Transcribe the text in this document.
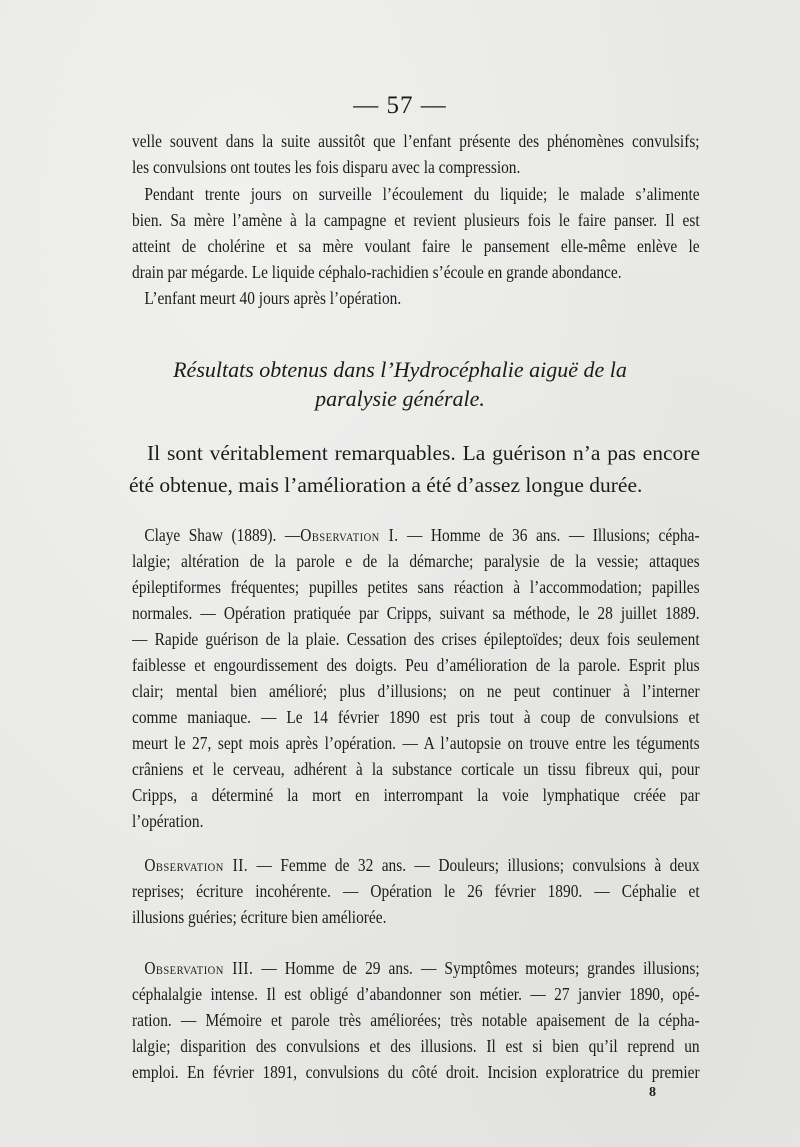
— 57 —
velle souvent dans la suite aussitôt que l’enfant présente des phénomènes convulsifs;
les convulsions ont toutes les fois disparu avec la compression.
Pendant trente jours on surveille l’écoulement du liquide; le malade s’alimente
bien. Sa mère l’amène à la campagne et revient plusieurs fois le faire panser. Il est
atteint de cholérine et sa mère voulant faire le pansement elle-même enlève le
drain par mégarde. Le liquide céphalo-rachidien s’écoule en grande abondance.
L’enfant meurt 40 jours après l’opération.
Résultats obtenus dans l’Hydrocéphalie aiguë de la
paralysie générale.
Il sont véritablement remarquables. La guérison n’a pas encore
été obtenue, mais l’amélioration a été d’assez longue durée.
Claye Shaw (1889). —Observation I. — Homme de 36 ans. — Illusions; cépha-
lalgie; altération de la parole e de la démarche; paralysie de la vessie; attaques
épileptiformes fréquentes; pupilles petites sans réaction à l’accommodation; papilles
normales. — Opération pratiquée par Cripps, suivant sa méthode, le 28 juillet 1889.
— Rapide guérison de la plaie. Cessation des crises épileptoïdes; deux fois seulement
faiblesse et engourdissement des doigts. Peu d’amélioration de la parole. Esprit plus
clair; mental bien amélioré; plus d’illusions; on ne peut continuer à l’interner
comme maniaque. — Le 14 février 1890 est pris tout à coup de convulsions et
meurt le 27, sept mois après l’opération. — A l’autopsie on trouve entre les téguments
crâniens et le cerveau, adhérent à la substance corticale un tissu fibreux qui, pour
Cripps, a déterminé la mort en interrompant la voie lymphatique créée par
l’opération.
Observation II. — Femme de 32 ans. — Douleurs; illusions; convulsions à deux
reprises; écriture incohérente. — Opération le 26 février 1890. — Céphalie et
illusions guéries; écriture bien améliorée.
Observation III. — Homme de 29 ans. — Symptômes moteurs; grandes illusions;
céphalalgie intense. Il est obligé d’abandonner son métier. — 27 janvier 1890, opé-
ration. — Mémoire et parole très améliorées; très notable apaisement de la cépha-
lalgie; disparition des convulsions et des illusions. Il est si bien qu’il reprend un
emploi. En février 1891, convulsions du côté droit. Incision exploratrice du premier
8
